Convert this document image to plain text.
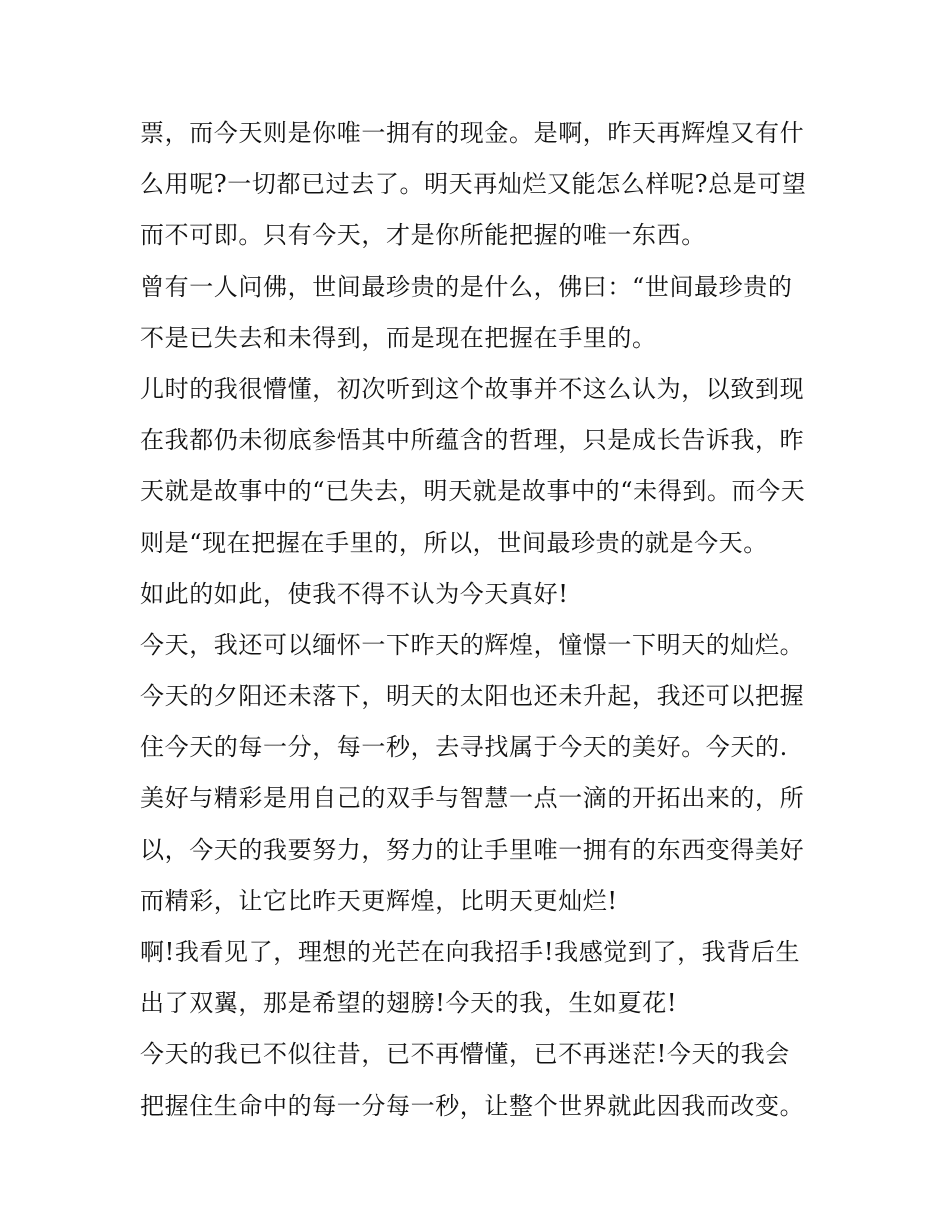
票，而今天则是你唯一拥有的现金。是啊，昨天再辉煌又有什
么用呢?一切都已过去了。明天再灿烂又能怎么样呢?总是可望
而不可即。只有今天，才是你所能把握的唯一东西。
曾有一人问佛，世间最珍贵的是什么，佛曰：“世间最珍贵的
不是已失去和未得到，而是现在把握在手里的。
儿时的我很懵懂，初次听到这个故事并不这么认为，以致到现
在我都仍未彻底参悟其中所蕴含的哲理，只是成长告诉我，昨
天就是故事中的“已失去，明天就是故事中的“未得到。而今天
则是“现在把握在手里的，所以，世间最珍贵的就是今天。
如此的如此，使我不得不认为今天真好!
今天，我还可以缅怀一下昨天的辉煌，憧憬一下明天的灿烂。
今天的夕阳还未落下，明天的太阳也还未升起，我还可以把握
住今天的每一分，每一秒，去寻找属于今天的美好。今天的.
美好与精彩是用自己的双手与智慧一点一滴的开拓出来的，所
以，今天的我要努力，努力的让手里唯一拥有的东西变得美好
而精彩，让它比昨天更辉煌，比明天更灿烂!
啊!我看见了，理想的光芒在向我招手!我感觉到了，我背后生
出了双翼，那是希望的翅膀!今天的我，生如夏花!
今天的我已不似往昔，已不再懵懂，已不再迷茫!今天的我会
把握住生命中的每一分每一秒，让整个世界就此因我而改变。
